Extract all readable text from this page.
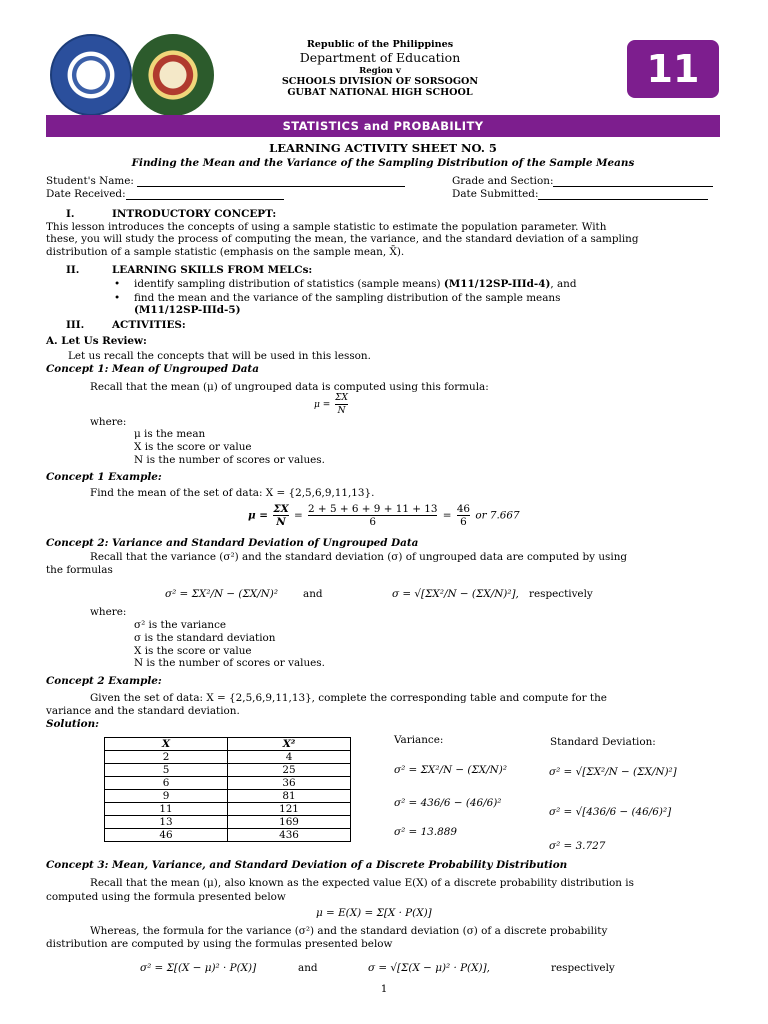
Republic of the Philippines
Department of Education
Region v
SCHOOLS DIVISION OF SORSOGON
GUBAT NATIONAL HIGH SCHOOL
11
STATISTICS and PROBABILITY
LEARNING ACTIVITY SHEET NO. 5
Finding the Mean and the Variance of the Sampling Distribution of the Sample Means
Student's Name:	Grade and Section:
Date Received:	Date Submitted:
I.	INTRODUCTORY CONCEPT:
This lesson introduces the concepts of using a sample statistic to estimate the population parameter. With
these, you will study the process of computing the mean, the variance, and the standard deviation of a sampling
distribution of a sample statistic (emphasis on the sample mean, X̄).
II.	LEARNING SKILLS FROM MELCs:
• identify sampling distribution of statistics (sample means) (M11/12SP-IIId-4), and
• find the mean and the variance of the sampling distribution of the sample means
(M11/12SP-IIId-5)
III.	ACTIVITIES:
A. Let Us Review:
Let us recall the concepts that will be used in this lesson.
Concept 1: Mean of Ungrouped Data
Recall that the mean (μ) of ungrouped data is computed using this formula:
$\mu = \frac{\Sigma X}{N}$
where:
μ is the mean
X is the score or value
N is the number of scores or values.
Concept 1 Example:
Find the mean of the set of data: X = {2,5,6,9,11,13}.
$\mu = \frac{\Sigma X}{N} = \frac{2 + 5 + 6 + 9 + 11 + 13}{6} = \frac{46}{6}$ or 7.667
Concept 2: Variance and Standard Deviation of Ungrouped Data
Recall that the variance (σ²) and the standard deviation (σ) of ungrouped data are computed by using
the formulas
σ² = ΣX²/N − (ΣX/N)² and	σ = √[ΣX²/N − (ΣX/N)²], respectively
where:
σ² is the variance
σ is the standard deviation
X is the score or value
N is the number of scores or values.
Concept 2 Example:
Given the set of data: X = {2,5,6,9,11,13}, complete the corresponding table and compute for the
variance and the standard deviation.
Solution:
X	X²
2	4
5	25
6	36
9	81
11	121
13	169
46	436
Variance:
σ² = ΣX²/N − (ΣX/N)²
σ² = 436/6 − (46/6)²
σ² = 13.889
Standard Deviation:
σ² = √[ΣX²/N − (ΣX/N)²]
σ² = √[436/6 − (46/6)²]
σ² = 3.727
Concept 3: Mean, Variance, and Standard Deviation of a Discrete Probability Distribution
Recall that the mean (μ), also known as the expected value E(X) of a discrete probability distribution is
computed using the formula presented below
μ = E(X) = Σ[X · P(X)]
Whereas, the formula for the variance (σ²) and the standard deviation (σ) of a discrete probability
distribution are computed by using the formulas presented below
σ² = Σ[(X − μ)² · P(X)]	and	σ = √[Σ(X − μ)² · P(X)],	respectively
1
